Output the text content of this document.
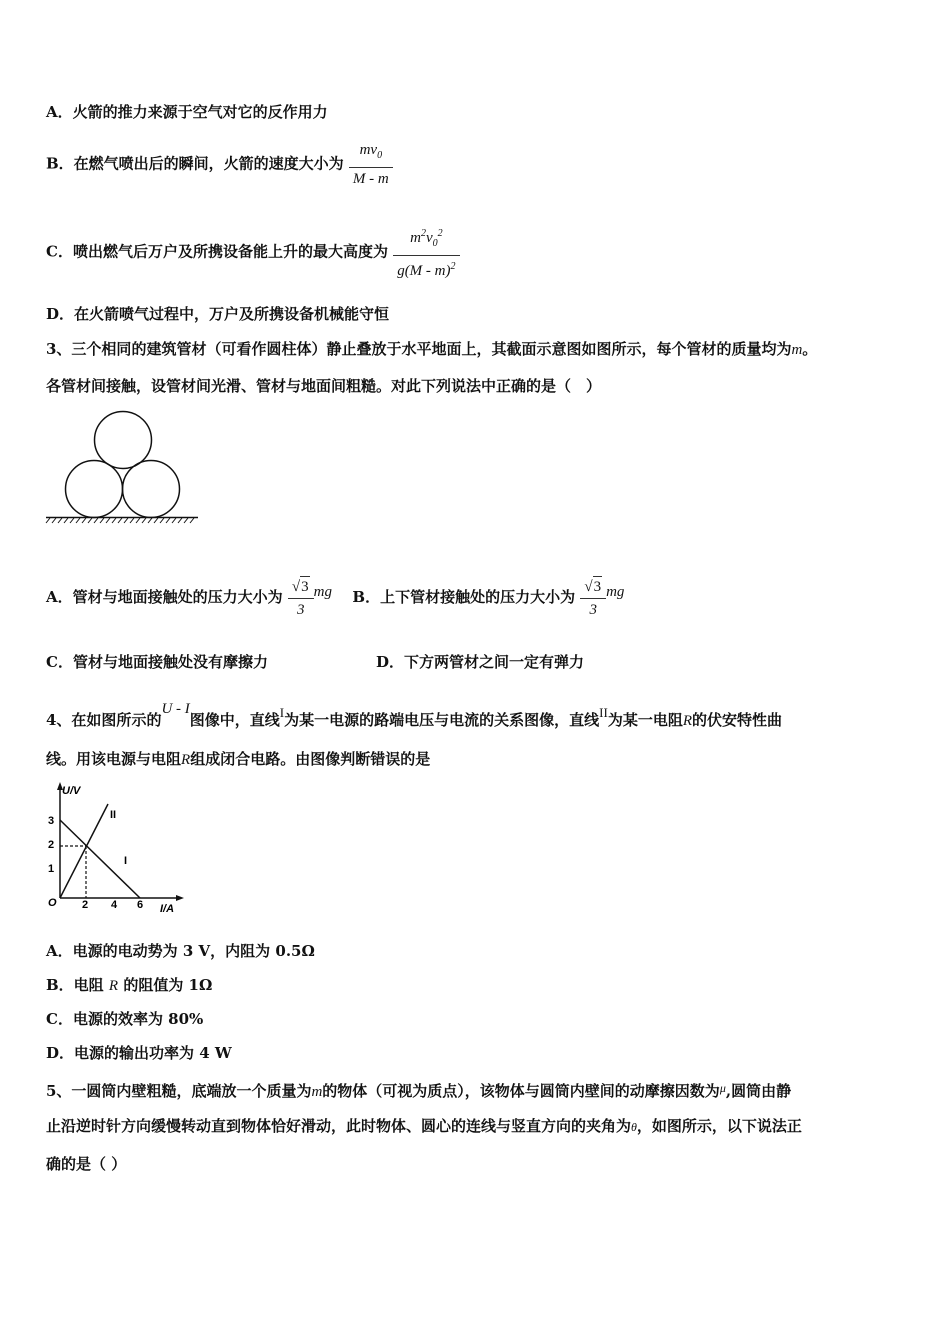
A．火箭的推力来源于空气对它的反作用力
B．在燃气喷出后的瞬间，火箭的速度大小为 $\frac{mv_0}{M - m}$
C．喷出燃气后万户及所携设备能上升的最大高度为 $\frac{m^2v_0^2}{g(M - m)^2}$
D．在火箭喷气过程中，万户及所携设备机械能守恒
3、三个相同的建筑管材（可看作圆柱体）静止叠放于水平地面上，其截面示意图如图所示，每个管材的质量均为m。
各管材间接触，设管材间光滑、管材与地面间粗糙。对此下列说法中正确的是（　）
A．管材与地面接触处的压力大小为 $\frac{√3}{3}$ mg B．上下管材接触处的压力大小为 $\frac{√3}{3}$ mg
C．管材与地面接触处没有摩擦力	D．下方两管材之间一定有弹力
4、在如图所示的U - I图像中，直线I为某一电源的路端电压与电流的关系图像，直线II为某一电阻R的伏安特性曲
线。用该电源与电阻R组成闭合电路。由图像判断错误的是
U/V
I/A
O
3
2
1
2 4 6
II
I
A．电源的电动势为 3 V，内阻为 0.5Ω
B．电阻 R 的阻值为 1Ω
C．电源的效率为 80%
D．电源的输出功率为 4 W
5、一圆筒内壁粗糙，底端放一个质量为m的物体（可视为质点），该物体与圆筒内壁间的动摩擦因数为$^\mu$,圆筒由静
止沿逆时针方向缓慢转动直到物体恰好滑动，此时物体、圆心的连线与竖直方向的夹角为θ，如图所示，以下说法正
确的是（ ）
